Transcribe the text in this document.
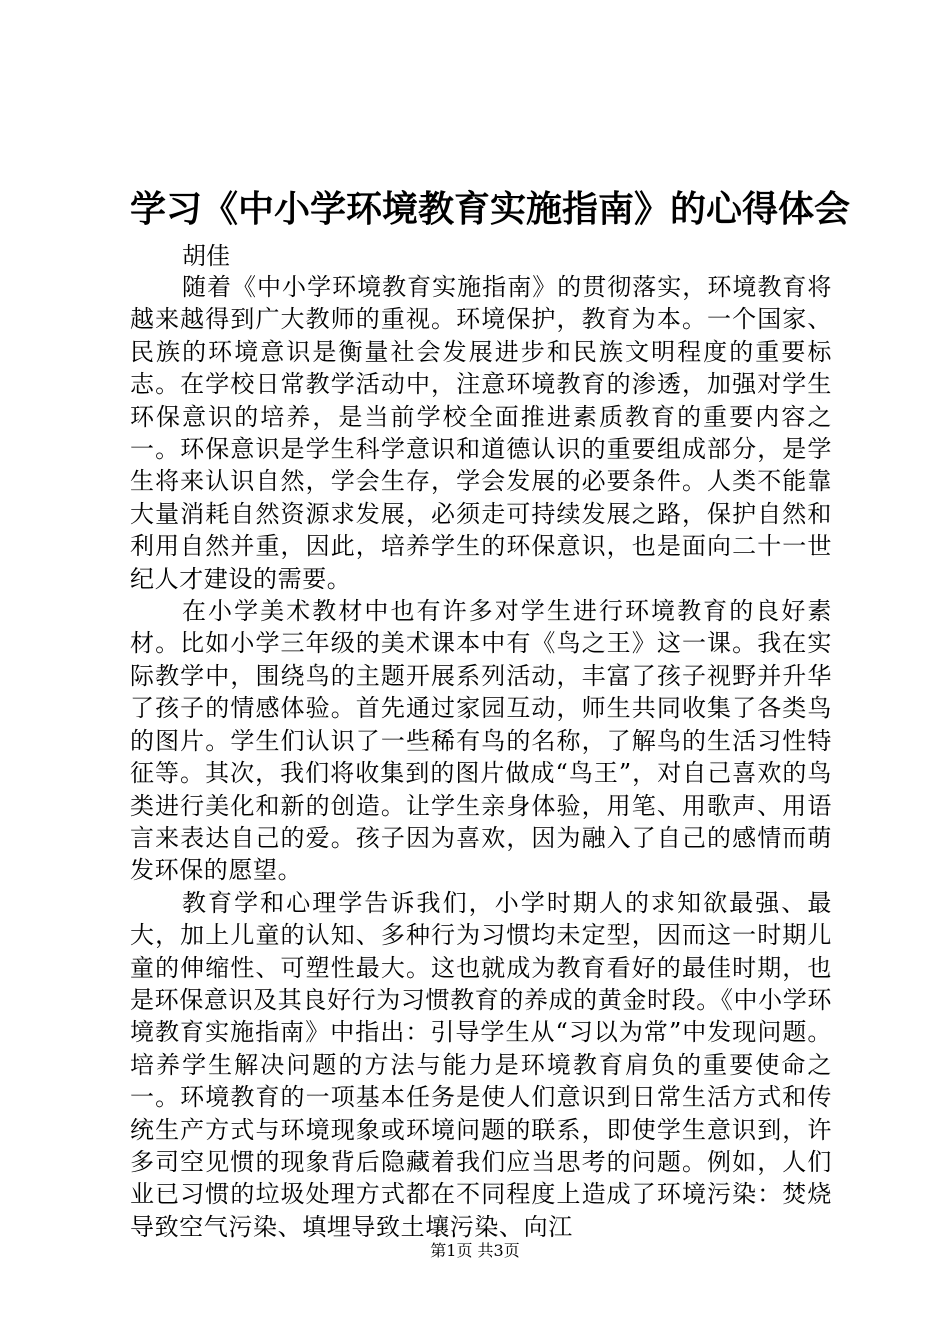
学习《中小学环境教育实施指南》的心得体会

胡佳

随着《中小学环境教育实施指南》的贯彻落实，环境教育将越来越得到广大教师的重视。环境保护，教育为本。一个国家、民族的环境意识是衡量社会发展进步和民族文明程度的重要标志。在学校日常教学活动中，注意环境教育的渗透，加强对学生环保意识的培养，是当前学校全面推进素质教育的重要内容之一。环保意识是学生科学意识和道德认识的重要组成部分，是学生将来认识自然，学会生存，学会发展的必要条件。人类不能靠大量消耗自然资源求发展，必须走可持续发展之路，保护自然和利用自然并重，因此，培养学生的环保意识，也是面向二十一世纪人才建设的需要。

在小学美术教材中也有许多对学生进行环境教育的良好素材。比如小学三年级的美术课本中有《鸟之王》这一课。我在实际教学中，围绕鸟的主题开展系列活动，丰富了孩子视野并升华了孩子的情感体验。首先通过家园互动，师生共同收集了各类鸟的图片。学生们认识了一些稀有鸟的名称，了解鸟的生活习性特征等。其次，我们将收集到的图片做成“鸟王”，对自己喜欢的鸟类进行美化和新的创造。让学生亲身体验，用笔、用歌声、用语言来表达自己的爱。孩子因为喜欢，因为融入了自己的感情而萌发环保的愿望。

教育学和心理学告诉我们，小学时期人的求知欲最强、最大，加上儿童的认知、多种行为习惯均未定型，因而这一时期儿童的伸缩性、可塑性最大。这也就成为教育看好的最佳时期，也是环保意识及其良好行为习惯教育的养成的黄金时段。《中小学环境教育实施指南》中指出：引导学生从“习以为常”中发现问题。培养学生解决问题的方法与能力是环境教育肩负的重要使命之一。环境教育的一项基本任务是使人们意识到日常生活方式和传统生产方式与环境现象或环境问题的联系，即使学生意识到，许多司空见惯的现象背后隐藏着我们应当思考的问题。例如，人们业已习惯的垃圾处理方式都在不同程度上造成了环境污染：焚烧导致空气污染、填埋导致土壤污染、向江

第1页 共3页
